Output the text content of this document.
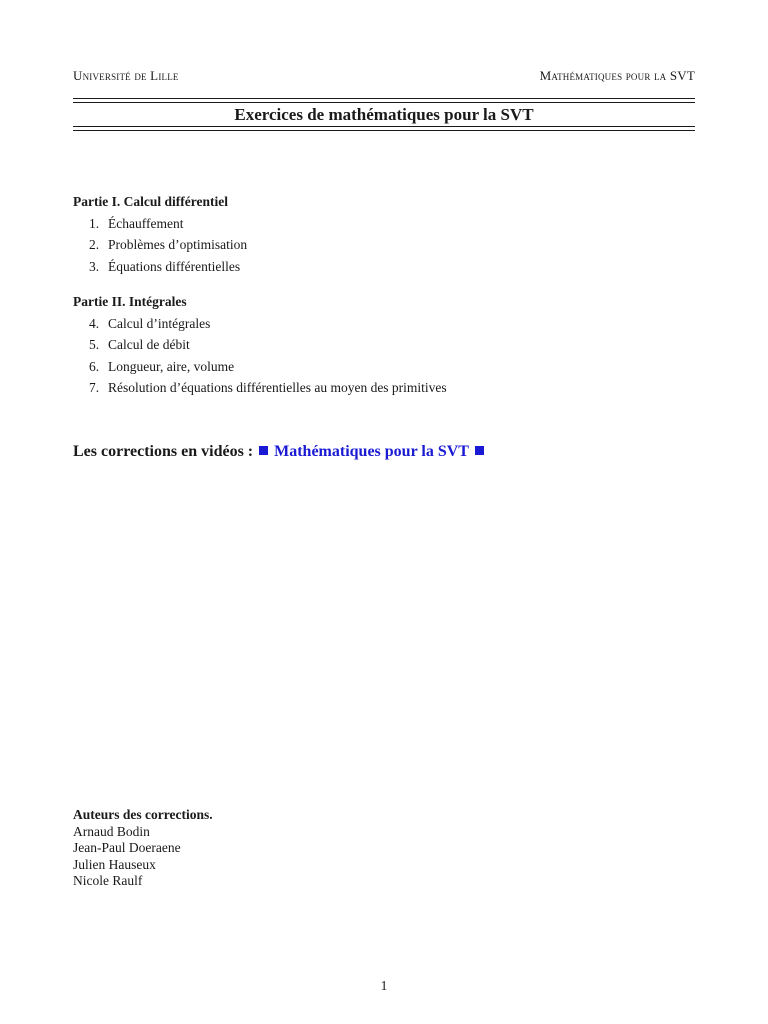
Université de Lille	Mathématiques pour la SVT
Exercices de mathématiques pour la SVT
Partie I. Calcul différentiel
1. Échauffement
2. Problèmes d’optimisation
3. Équations différentielles
Partie II. Intégrales
4. Calcul d’intégrales
5. Calcul de débit
6. Longueur, aire, volume
7. Résolution d’équations différentielles au moyen des primitives
Les corrections en vidéos : Mathématiques pour la SVT
Auteurs des corrections.
Arnaud Bodin
Jean-Paul Doeraene
Julien Hauseux
Nicole Raulf
1
